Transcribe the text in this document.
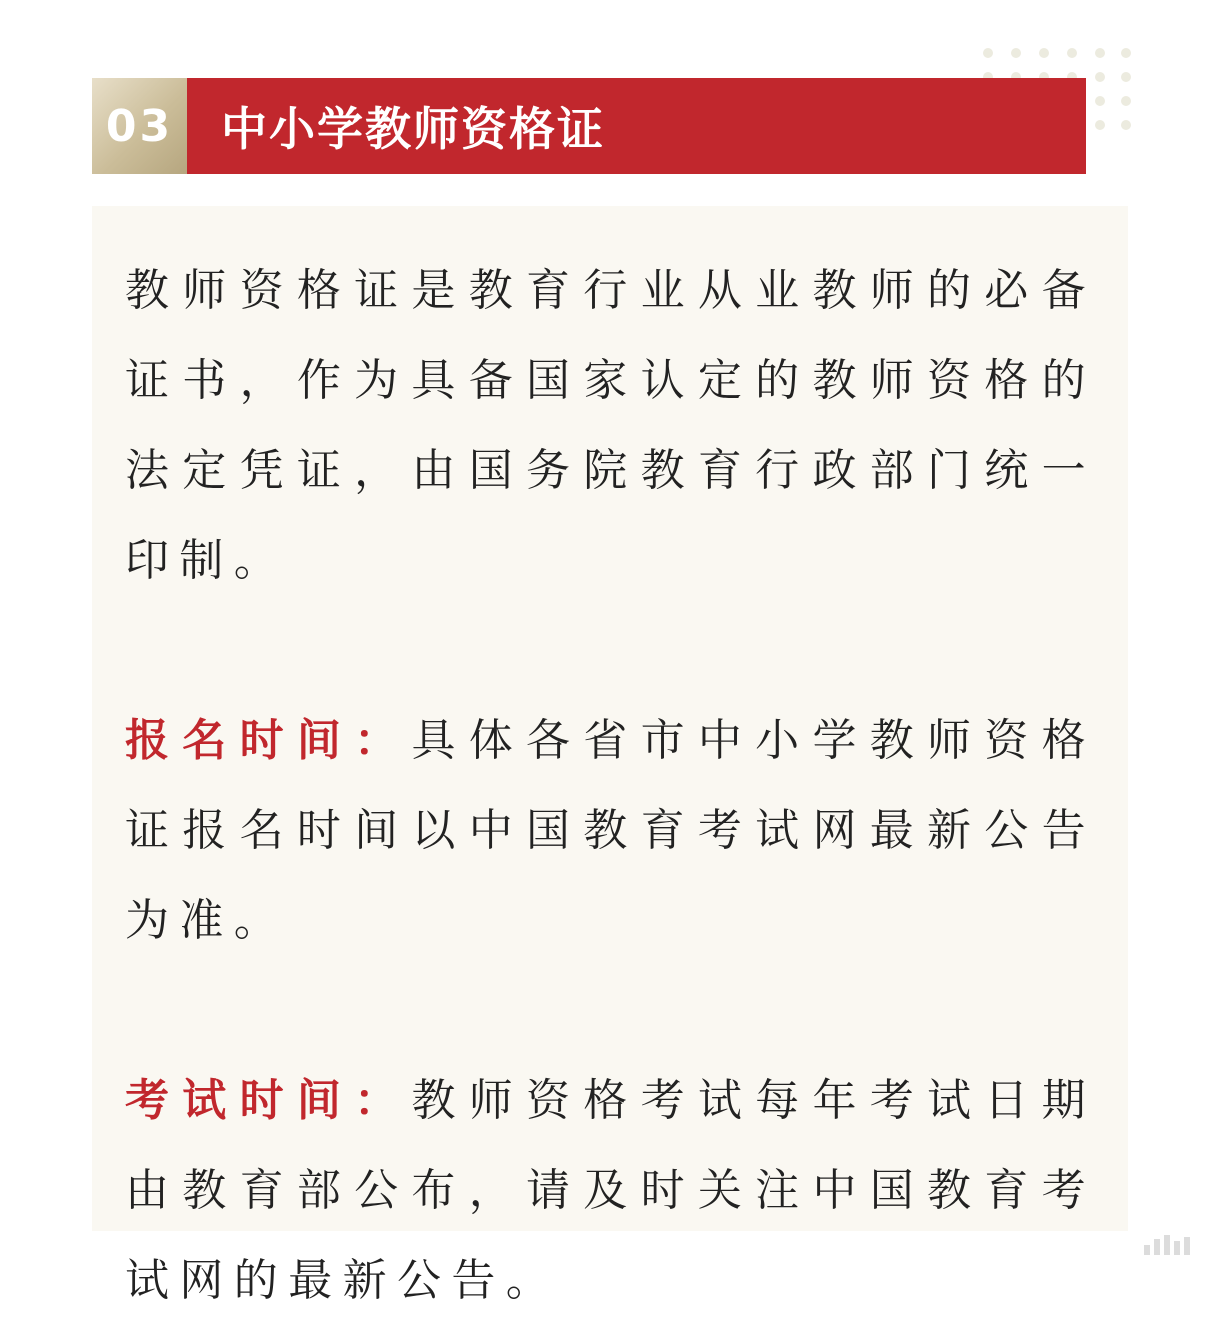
03 中小学教师资格证

教师资格证是教育行业从业教师的必备证书，作为具备国家认定的教师资格的法定凭证，由国务院教育行政部门统一印制。

报名时间：具体各省市中小学教师资格证报名时间以中国教育考试网最新公告为准。

考试时间：教师资格考试每年考试日期由教育部公布，请及时关注中国教育考试网的最新公告。
